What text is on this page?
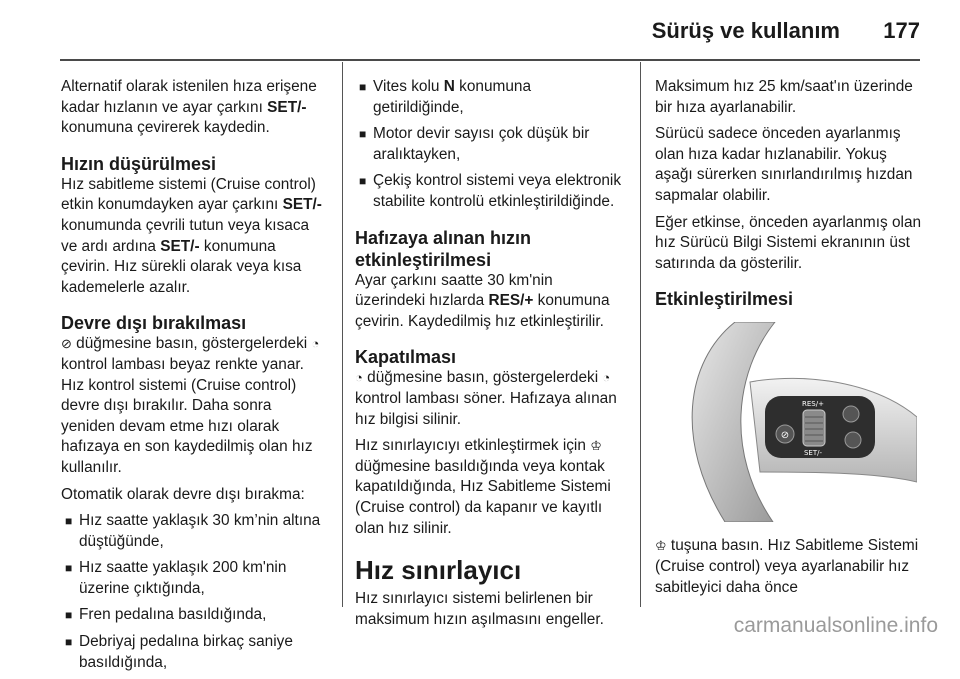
Sürüş ve kullanım 177

Alternatif olarak istenilen hıza erişene kadar hızlanın ve ayar çarkını SET/- konumuna çevirerek kaydedin.

Hızın düşürülmesi

Hız sabitleme sistemi (Cruise control) etkin konumdayken ayar çarkını SET/- konumunda çevrili tutun veya kısaca ve ardı ardına SET/- konumuna çevirin. Hız sürekli olarak veya kısa kademelerle azalır.

Devre dışı bırakılması

⊘ düğmesine basın, göstergelerdeki ◔ kontrol lambası beyaz renkte yanar. Hız kontrol sistemi (Cruise control) devre dışı bırakılır. Daha sonra yeniden devam etme hızı olarak hafızaya en son kaydedilmiş olan hız kullanılır.

Otomatik olarak devre dışı bırakma:

■ Hız saatte yaklaşık 30 km’nin altına düştüğünde,
■ Hız saatte yaklaşık 200 km'nin üzerine çıktığında,
■ Fren pedalına basıldığında,
■ Debriyaj pedalına birkaç saniye basıldığında,
■ Vites kolu N konumuna getirildiğinde,
■ Motor devir sayısı çok düşük bir aralıktayken,
■ Çekiş kontrol sistemi veya elektronik stabilite kontrolü etkinleştirildiğinde.
Hafızaya alınan hızın etkinleştirilmesi

Ayar çarkını saatte 30 km'nin üzerindeki hızlarda RES/+ konumuna çevirin. Kaydedilmiş hız etkinleştirilir.

Kapatılması

◔ düğmesine basın, göstergelerdeki ◔ kontrol lambası söner. Hafızaya alınan hız bilgisi silinir.

Hız sınırlayıcıyı etkinleştirmek için ♔ düğmesine basıldığında veya kontak kapatıldığında, Hız Sabitleme Sistemi (Cruise control) da kapanır ve kayıtlı olan hız silinir.

Hız sınırlayıcı

Hız sınırlayıcı sistemi belirlenen bir maksimum hızın aşılmasını engeller.

Maksimum hız 25 km/saat'ın üzerinde bir hıza ayarlanabilir.

Sürücü sadece önceden ayarlanmış olan hıza kadar hızlanabilir. Yokuş aşağı sürerken sınırlandırılmış hızdan sapmalar olabilir.

Eğer etkinse, önceden ayarlanmış olan hız Sürücü Bilgi Sistemi ekranının üst satırında da gösterilir.

Etkinleştirilmesi
⊘
RES/+
SET/-

♔ tuşuna basın. Hız Sabitleme Sistemi (Cruise control) veya ayarlanabilir hız sabitleyici daha önce

carmanualsonline.info
